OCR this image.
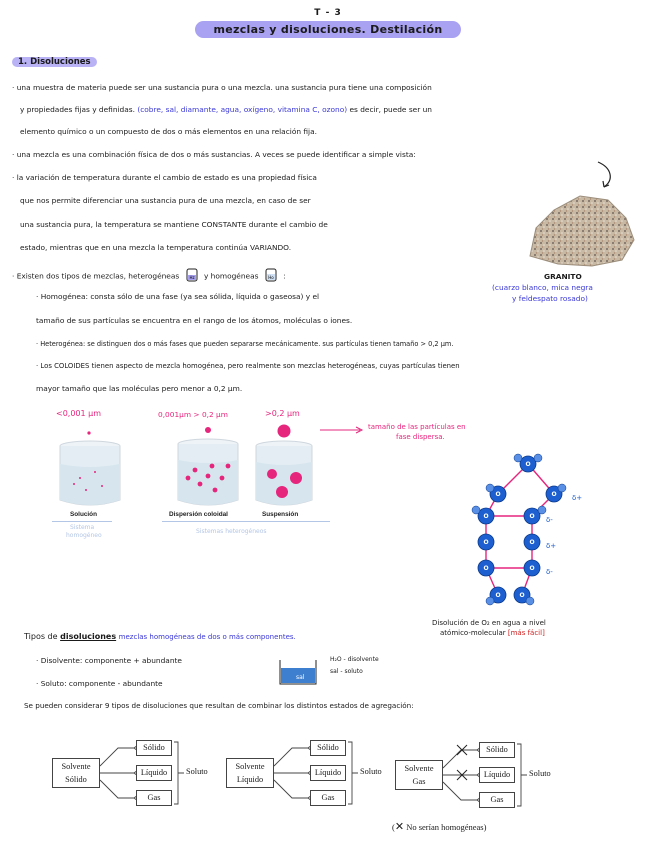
T - 3
mezclas y disoluciones. Destilación
1. Disoluciones
· una muestra de materia puede ser una sustancia pura o una mezcla. una sustancia pura tiene una composición
y propiedades fijas y definidas. (cobre, sal, diamante, agua, oxígeno, vitamina C, ozono) es decir, puede ser un
elemento químico o un compuesto de dos o más elementos en una relación fija.
· una mezcla es una combinación física de dos o más sustancias. A veces se puede identificar a simple vista:
· la variación de temperatura durante el cambio de estado es una propiedad física
que nos permite diferenciar una sustancia pura de una mezcla, en caso de ser
una sustancia pura, la temperatura se mantiene CONSTANTE durante el cambio de
estado, mientras que en una mezcla la temperatura continúa VARIANDO.
GRANITO
(cuarzo blanco, mica negra
y feldespato rosado)
· Existen dos tipos de mezclas, heterogéneas Hz y homogéneas Ho :
· Homogénea: consta sólo de una fase (ya sea sólida, líquida o gaseosa) y el
tamaño de sus partículas se encuentra en el rango de los átomos, moléculas o iones.
· Heterogénea: se distinguen dos o más fases que pueden separarse mecánicamente. sus partículas tienen tamaño > 0,2 µm.
· Los COLOIDES tienen aspecto de mezcla homogénea, pero realmente son mezclas heterogéneas, cuyas partículas tienen
mayor tamaño que las moléculas pero menor a 0,2 µm.
<0,001 µm	0,001µm > 0,2 µm	>0,2 µm
tamaño de las partículas en
fase dispersa.
Solución	Dispersión coloidal	Suspensión
Sistema
homogéneo
Sistemas heterogéneos
O
O	O
O	O
O	O
O	O
O	O
δ+
δ-
δ+
δ-
Disolución de O₂ en agua a nivel
atómico-molecular [más fácil]
Tipos de disoluciones mezclas homogéneas de dos o más componentes.
· Disolvente: componente + abundante
· Soluto: componente - abundante
sal
H₂O - disolvente
sal - soluto
Se pueden considerar 9 tipos de disoluciones que resultan de combinar los distintos estados de agregación:
Solvente
Sólido
Sólido
Líquido
Gas
Soluto
Solvente
Líquido
Sólido
Líquido
Gas
Soluto	Solvente
Gas
Sólido
Líquido
Gas
Soluto
(✕ No serían homogéneas)
